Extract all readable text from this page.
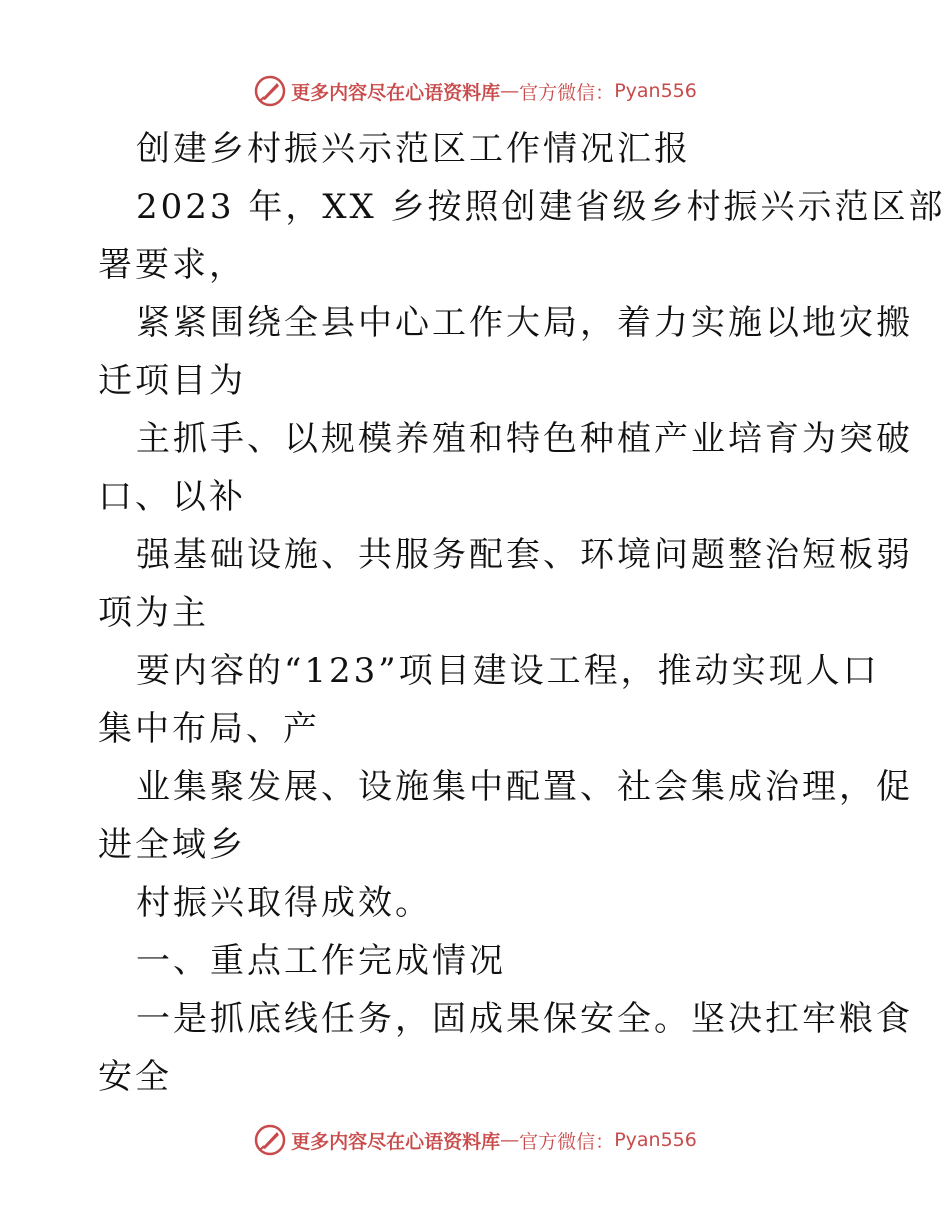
更多内容尽在心语资料库 — 官方微信： Pyan556
创建乡村振兴示范区工作情况汇报
2023 年，XX 乡按照创建省级乡村振兴示范区部
署要求，
紧紧围绕全县中心工作大局，着力实施以地灾搬
迁项目为
主抓手、以规模养殖和特色种植产业培育为突破
口、以补
强基础设施、共服务配套、环境问题整治短板弱
项为主
要内容的“123”项目建设工程，推动实现人口
集中布局、产
业集聚发展、设施集中配置、社会集成治理，促
进全域乡
村振兴取得成效。
一、重点工作完成情况
一是抓底线任务，固成果保安全。坚决扛牢粮食
安全
更多内容尽在心语资料库 — 官方微信： Pyan556
